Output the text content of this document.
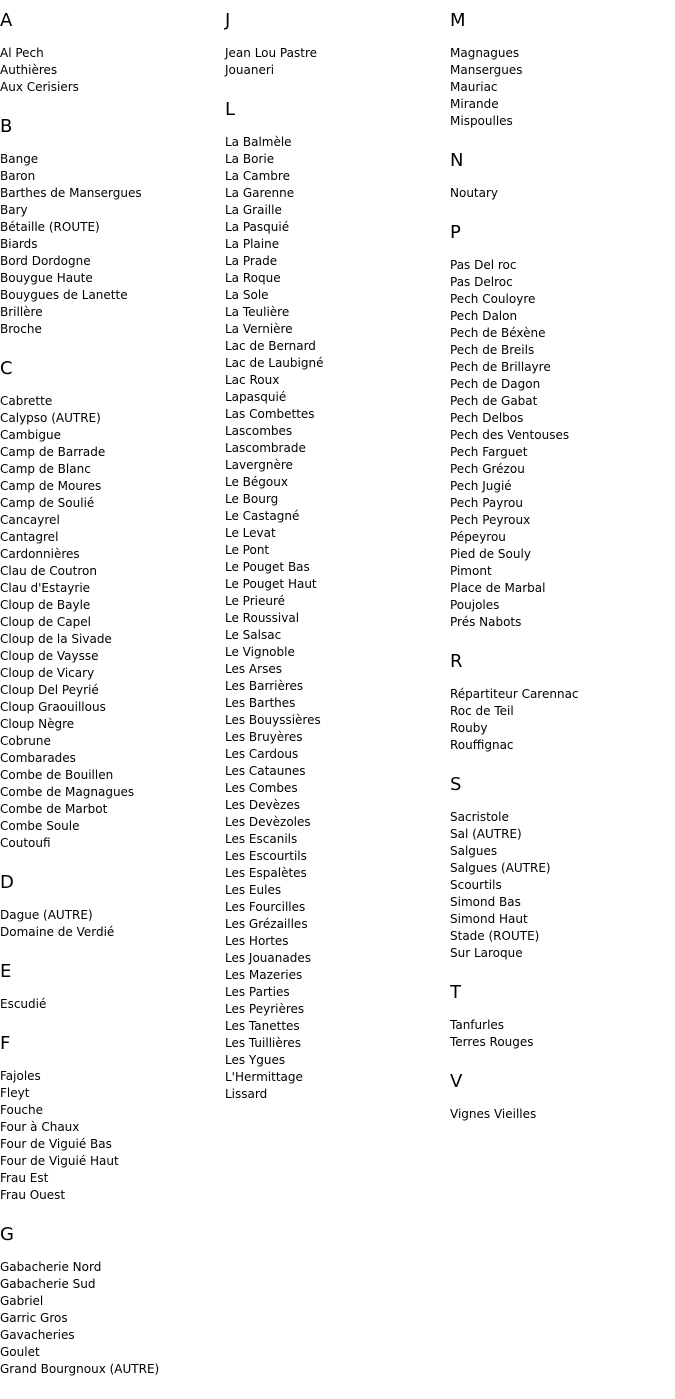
A
Al Pech
Authières
Aux Cerisiers
B
Bange
Baron
Barthes de Mansergues
Bary
Bétaille (ROUTE)
Biards
Bord Dordogne
Bouygue Haute
Bouygues de Lanette
Brillère
Broche
C
Cabrette
Calypso (AUTRE)
Cambigue
Camp de Barrade
Camp de Blanc
Camp de Moures
Camp de Soulié
Cancayrel
Cantagrel
Cardonnières
Clau de Coutron
Clau d'Estayrie
Cloup de Bayle
Cloup de Capel
Cloup de la Sivade
Cloup de Vaysse
Cloup de Vicary
Cloup Del Peyrié
Cloup Graouillous
Cloup Nègre
Cobrune
Combarades
Combe de Bouillen
Combe de Magnagues
Combe de Marbot
Combe Soule
Coutoufi
D
Dague (AUTRE)
Domaine de Verdié
E
Escudié
F
Fajoles
Fleyt
Fouche
Four à Chaux
Four de Viguié Bas
Four de Viguié Haut
Frau Est
Frau Ouest
G
Gabacherie Nord
Gabacherie Sud
Gabriel
Garric Gros
Gavacheries
Goulet
Grand Bourgnoux (AUTRE)
J
Jean Lou Pastre
Jouaneri
L
La Balmèle
La Borie
La Cambre
La Garenne
La Graille
La Pasquié
La Plaine
La Prade
La Roque
La Sole
La Teulière
La Vernière
Lac de Bernard
Lac de Laubigné
Lac Roux
Lapasquié
Las Combettes
Lascombes
Lascombrade
Lavergnère
Le Bégoux
Le Bourg
Le Castagné
Le Levat
Le Pont
Le Pouget Bas
Le Pouget Haut
Le Prieuré
Le Roussival
Le Salsac
Le Vignoble
Les Arses
Les Barrières
Les Barthes
Les Bouyssières
Les Bruyères
Les Cardous
Les Cataunes
Les Combes
Les Devèzes
Les Devèzoles
Les Escanils
Les Escourtils
Les Espalètes
Les Eules
Les Fourcilles
Les Grézailles
Les Hortes
Les Jouanades
Les Mazeries
Les Parties
Les Peyrières
Les Tanettes
Les Tuillières
Les Ygues
L'Hermittage
Lissard
M
Magnagues
Mansergues
Mauriac
Mirande
Mispoulles
N
Noutary
P
Pas Del roc
Pas Delroc
Pech Couloyre
Pech Dalon
Pech de Béxène
Pech de Breils
Pech de Brillayre
Pech de Dagon
Pech de Gabat
Pech Delbos
Pech des Ventouses
Pech Farguet
Pech Grézou
Pech Jugié
Pech Payrou
Pech Peyroux
Pépeyrou
Pied de Souly
Pimont
Place de Marbal
Poujoles
Prés Nabots
R
Répartiteur Carennac
Roc de Teil
Rouby
Rouffignac
S
Sacristole
Sal (AUTRE)
Salgues
Salgues (AUTRE)
Scourtils
Simond Bas
Simond Haut
Stade (ROUTE)
Sur Laroque
T
Tanfurles
Terres Rouges
V
Vignes Vieilles
